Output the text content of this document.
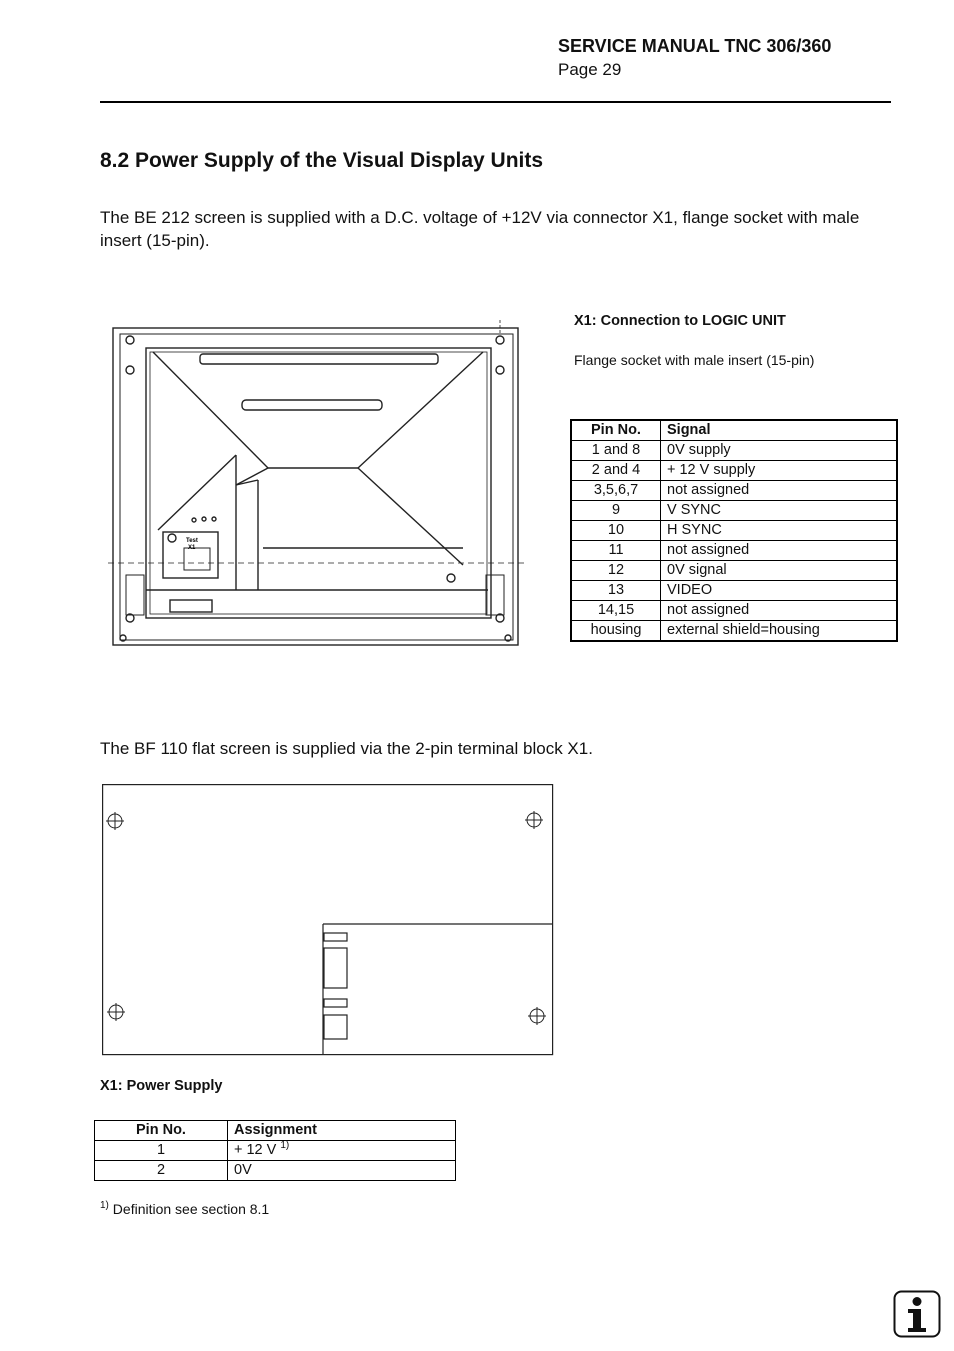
SERVICE MANUAL TNC 306/360
Page 29
8.2 Power Supply of the Visual Display Units
The BE 212 screen is supplied with a D.C. voltage of +12V via connector X1, flange socket with male insert (15-pin).
Test
X1
X1: Connection to LOGIC UNIT
Flange socket with male insert (15-pin)
Pin No.	Signal
1 and 8	0V supply
2 and 4	+ 12 V supply
3,5,6,7	not assigned
9	V SYNC
10	H SYNC
11	not assigned
12	0V signal
13	VIDEO
14,15	not assigned
housing	external shield=housing
The BF 110 flat screen is supplied via the 2-pin terminal block X1.
X1: Power Supply
Pin No.	Assignment
1	+ 12 V $^{1)}$
2	0V
$^{1)}$ Definition see section 8.1
